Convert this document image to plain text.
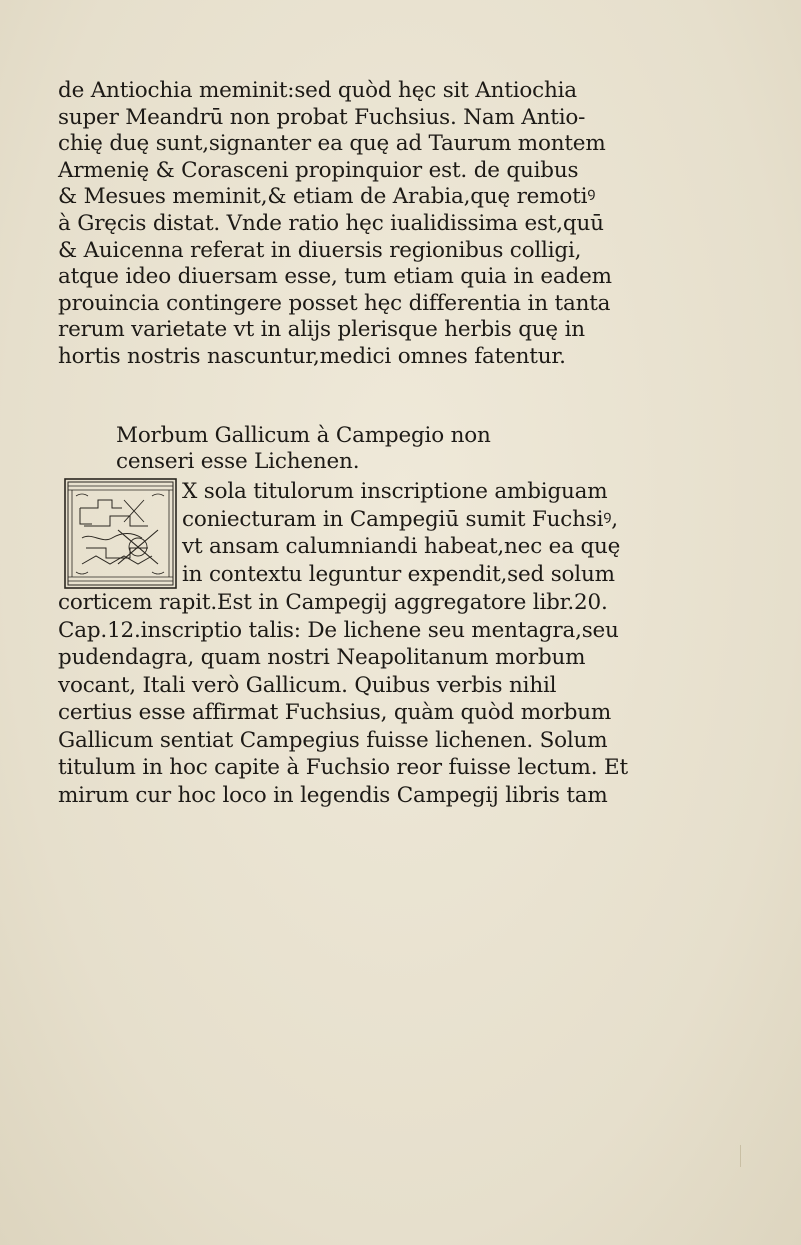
de Antiochia meminit:sed quòd hęc sit Antiochia
super Meandrū non probat Fuchsius. Nam Antio-
chię duę sunt,signanter ea quę ad Taurum montem
Armenię & Corasceni propinquior est. de quibus
& Mesues meminit,& etiam de Arabia,quę remotiꝰ
à Gręcis distat. Vnde ratio hęc iualidissima est,quū
& Auicenna referat in diuersis regionibus colligi,
atque ideo diuersam esse, tum etiam quia in eadem
prouincia contingere posset hęc differentia in tanta
rerum varietate vt in alijs plerisque herbis quę in
hortis nostris nascuntur,medici omnes fatentur.
Morbum Gallicum à Campegio non
censeri esse Lichenen.
X sola titulorum inscriptione ambiguam
coniecturam in Campegiū sumit Fuchsiꝰ,
vt ansam calumniandi habeat,nec ea quę
in contextu leguntur expendit,sed solum
corticem rapit.Est in Campegij aggregatore libr.20.
Cap.12.inscriptio talis: De lichene seu mentagra,seu
pudendagra, quam nostri Neapolitanum morbum
vocant, Itali verò Gallicum. Quibus verbis nihil
certius esse affirmat Fuchsius, quàm quòd morbum
Gallicum sentiat Campegius fuisse lichenen. Solum
titulum in hoc capite à Fuchsio reor fuisse lectum. Et
mirum cur hoc loco in legendis Campegij libris tam
